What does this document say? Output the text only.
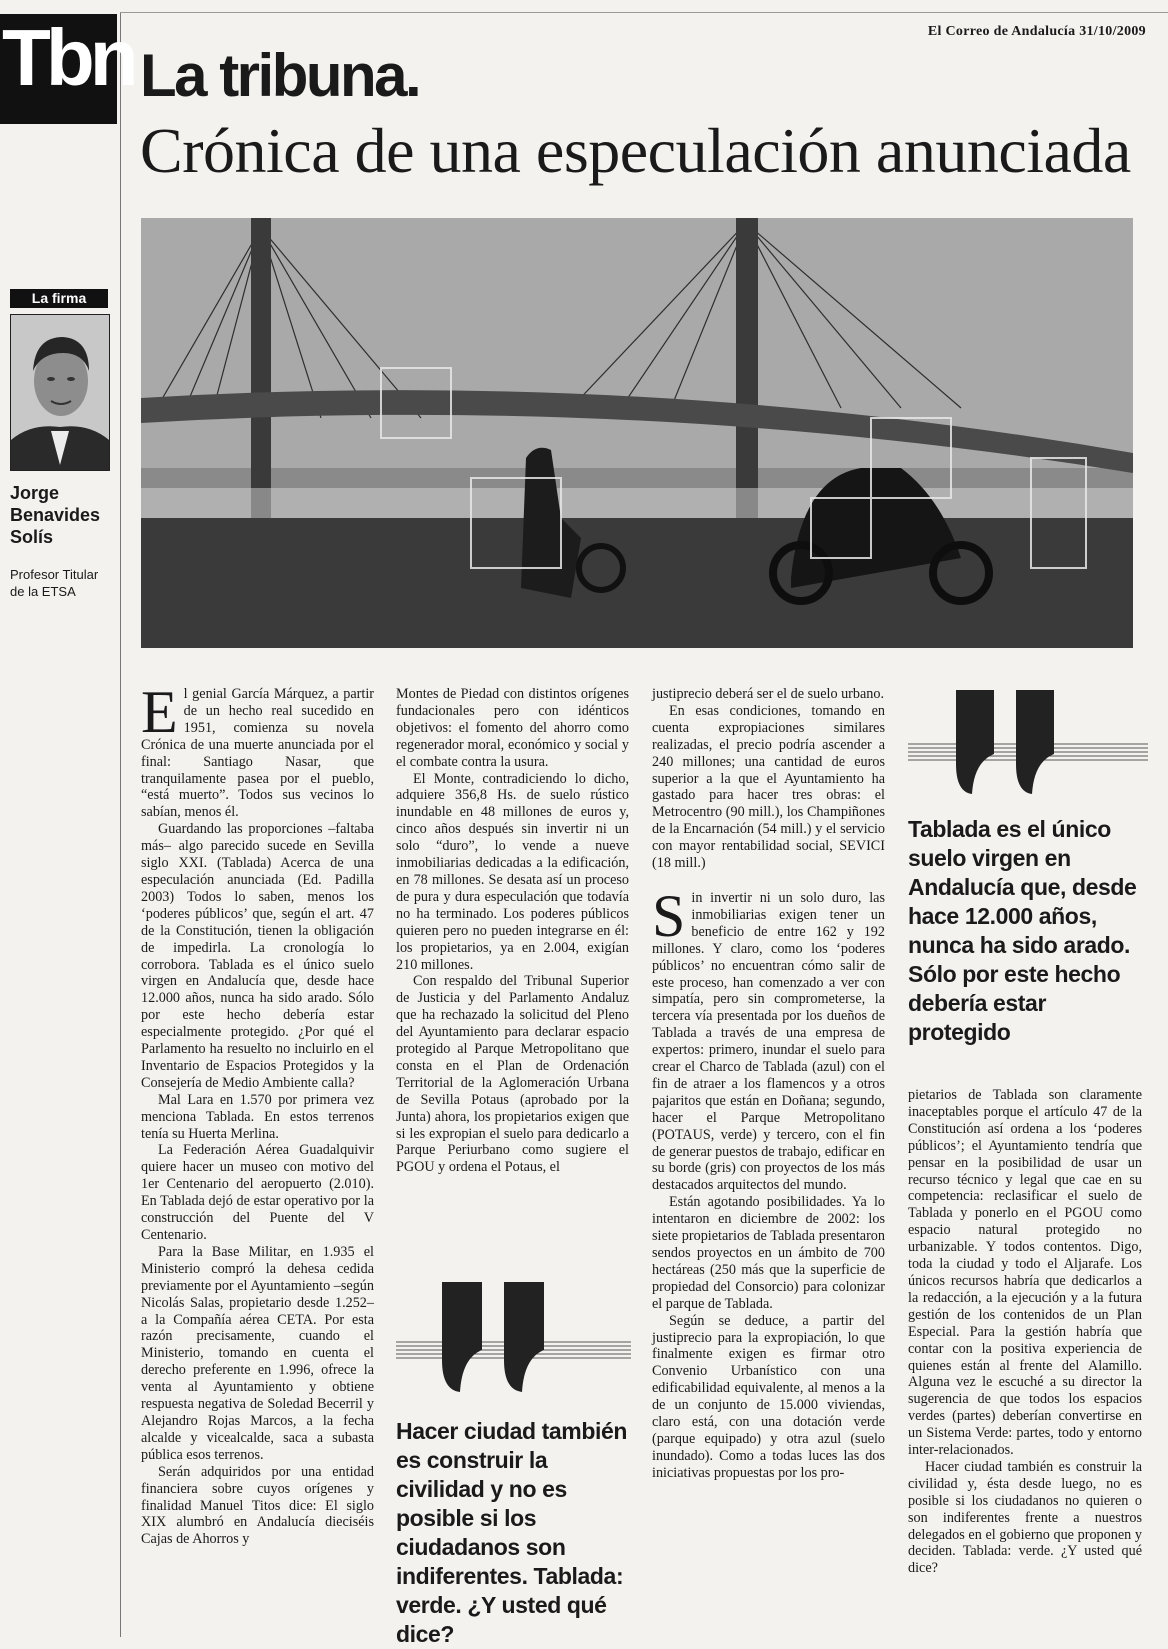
Tbn	El Correo de Andalucía 31/10/2009
La tribuna.
Crónica de una especulación anunciada
La firma
Jorge Benavides Solís
Profesor Titular de la ETSA

El genial García Márquez, a partir de un hecho real sucedido en 1951, comienza su novela Crónica de una muerte anunciada por el final: Santiago Nasar, que tranquilamente pasea por el pueblo, “está muerto”. Todos sus vecinos lo sabían, menos él.

Guardando las proporciones –faltaba más– algo parecido sucede en Sevilla siglo XXI. (Tablada) Acerca de una especulación anunciada (Ed. Padilla 2003) Todos lo saben, menos los ‘poderes públicos’ que, según el art. 47 de la Constitución, tienen la obligación de impedirla. La cronología lo corrobora. Tablada es el único suelo virgen en Andalucía que, desde hace 12.000 años, nunca ha sido arado. Sólo por este hecho debería estar especialmente protegido. ¿Por qué el Parlamento ha resuelto no incluirlo en el Inventario de Espacios Protegidos y la Consejería de Medio Ambiente calla?

Mal Lara en 1.570 por primera vez menciona Tablada. En estos terrenos tenía su Huerta Merlina.

La Federación Aérea Guadalquivir quiere hacer un museo con motivo del 1er Centenario del aeropuerto (2.010). En Tablada dejó de estar operativo por la construcción del Puente del V Centenario.

Para la Base Militar, en 1.935 el Ministerio compró la dehesa cedida previamente por el Ayuntamiento –según Nicolás Salas, propietario desde 1.252– a la Compañía aérea CETA. Por esta razón precisamente, cuando el Ministerio, tomando en cuenta el derecho preferente en 1.996, ofrece la venta al Ayuntamiento y obtiene respuesta negativa de Soledad Becerril y Alejandro Rojas Marcos, a la fecha alcalde y vicealcalde, saca a subasta pública esos terrenos.

Serán adquiridos por una entidad financiera sobre cuyos orígenes y finalidad Manuel Titos dice: El siglo XIX alumbró en Andalucía dieciséis Cajas de Ahorros y

Montes de Piedad con distintos orígenes fundacionales pero con idénticos objetivos: el fomento del ahorro como regenerador moral, económico y social y el combate contra la usura.

El Monte, contradiciendo lo dicho, adquiere 356,8 Hs. de suelo rústico inundable en 48 millones de euros y, cinco años después sin invertir ni un solo “duro”, lo vende a nueve inmobiliarias dedicadas a la edificación, en 78 millones. Se desata así un proceso de pura y dura especulación que todavía no ha terminado. Los poderes públicos quieren pero no pueden integrarse en él: los propietarios, ya en 2.004, exigían 210 millones.

Con respaldo del Tribunal Superior de Justicia y del Parlamento Andaluz que ha rechazado la solicitud del Pleno del Ayuntamiento para declarar espacio protegido al Parque Metropolitano que consta en el Plan de Ordenación Territorial de la Aglomeración Urbana de Sevilla Potaus (aprobado por la Junta) ahora, los propietarios exigen que si les expropian el suelo para dedicarlo a Parque Periurbano como sugiere el PGOU y ordena el Potaus, el

Hacer ciudad también es construir la civilidad y no es posible si los ciudadanos son indiferentes. Tablada: verde. ¿Y usted qué dice?

justiprecio deberá ser el de suelo urbano.

En esas condiciones, tomando en cuenta expropiaciones similares realizadas, el precio podría ascender a 240 millones; una cantidad de euros superior a la que el Ayuntamiento ha gastado para hacer tres obras: el Metrocentro (90 mill.), los Champiñones de la Encarnación (54 mill.) y el servicio con mayor rentabilidad social, SEVICI (18 mill.)

Sin invertir ni un solo duro, las inmobiliarias exigen tener un beneficio de entre 162 y 192 millones. Y claro, como los ‘poderes públicos’ no encuentran cómo salir de este proceso, han comenzado a ver con simpatía, pero sin comprometerse, la tercera vía presentada por los dueños de Tablada a través de una empresa de expertos: primero, inundar el suelo para crear el Charco de Tablada (azul) con el fin de atraer a los flamencos y a otros pajaritos que están en Doñana; segundo, hacer el Parque Metropolitano (POTAUS, verde) y tercero, con el fin de generar puestos de trabajo, edificar en su borde (gris) con proyectos de los más destacados arquitectos del mundo.

Están agotando posibilidades. Ya lo intentaron en diciembre de 2002: los siete propietarios de Tablada presentaron sendos proyectos en un ámbito de 700 hectáreas (250 más que la superficie de propiedad del Consorcio) para colonizar el parque de Tablada.

Según se deduce, a partir del justiprecio para la expropiación, lo que finalmente exigen es firmar otro Convenio Urbanístico con una edificabilidad equivalente, al menos a la de un conjunto de 15.000 viviendas, claro está, con una dotación verde (parque equipado) y otra azul (suelo inundado). Como a todas luces las dos iniciativas propuestas por los pro-

Tablada es el único suelo virgen en Andalucía que, desde hace 12.000 años, nunca ha sido arado. Sólo por este hecho debería estar protegido

pietarios de Tablada son claramente inaceptables porque el artículo 47 de la Constitución así ordena a los ‘poderes públicos’; el Ayuntamiento tendría que pensar en la posibilidad de usar un recurso técnico y legal que cae en su competencia: reclasificar el suelo de Tablada y ponerlo en el PGOU como espacio natural protegido no urbanizable. Y todos contentos. Digo, toda la ciudad y todo el Aljarafe. Los únicos recursos habría que dedicarlos a la redacción, a la ejecución y a la futura gestión de los contenidos de un Plan Especial. Para la gestión habría que contar con la positiva experiencia de quienes están al frente del Alamillo. Alguna vez le escuché a su director la sugerencia de que todos los espacios verdes (partes) deberían convertirse en un Sistema Verde: partes, todo y entorno inter-relacionados.

Hacer ciudad también es construir la civilidad y, ésta desde luego, no es posible si los ciudadanos no quieren o son indiferentes frente a nuestros delegados en el gobierno que proponen y deciden. Tablada: verde. ¿Y usted qué dice?
